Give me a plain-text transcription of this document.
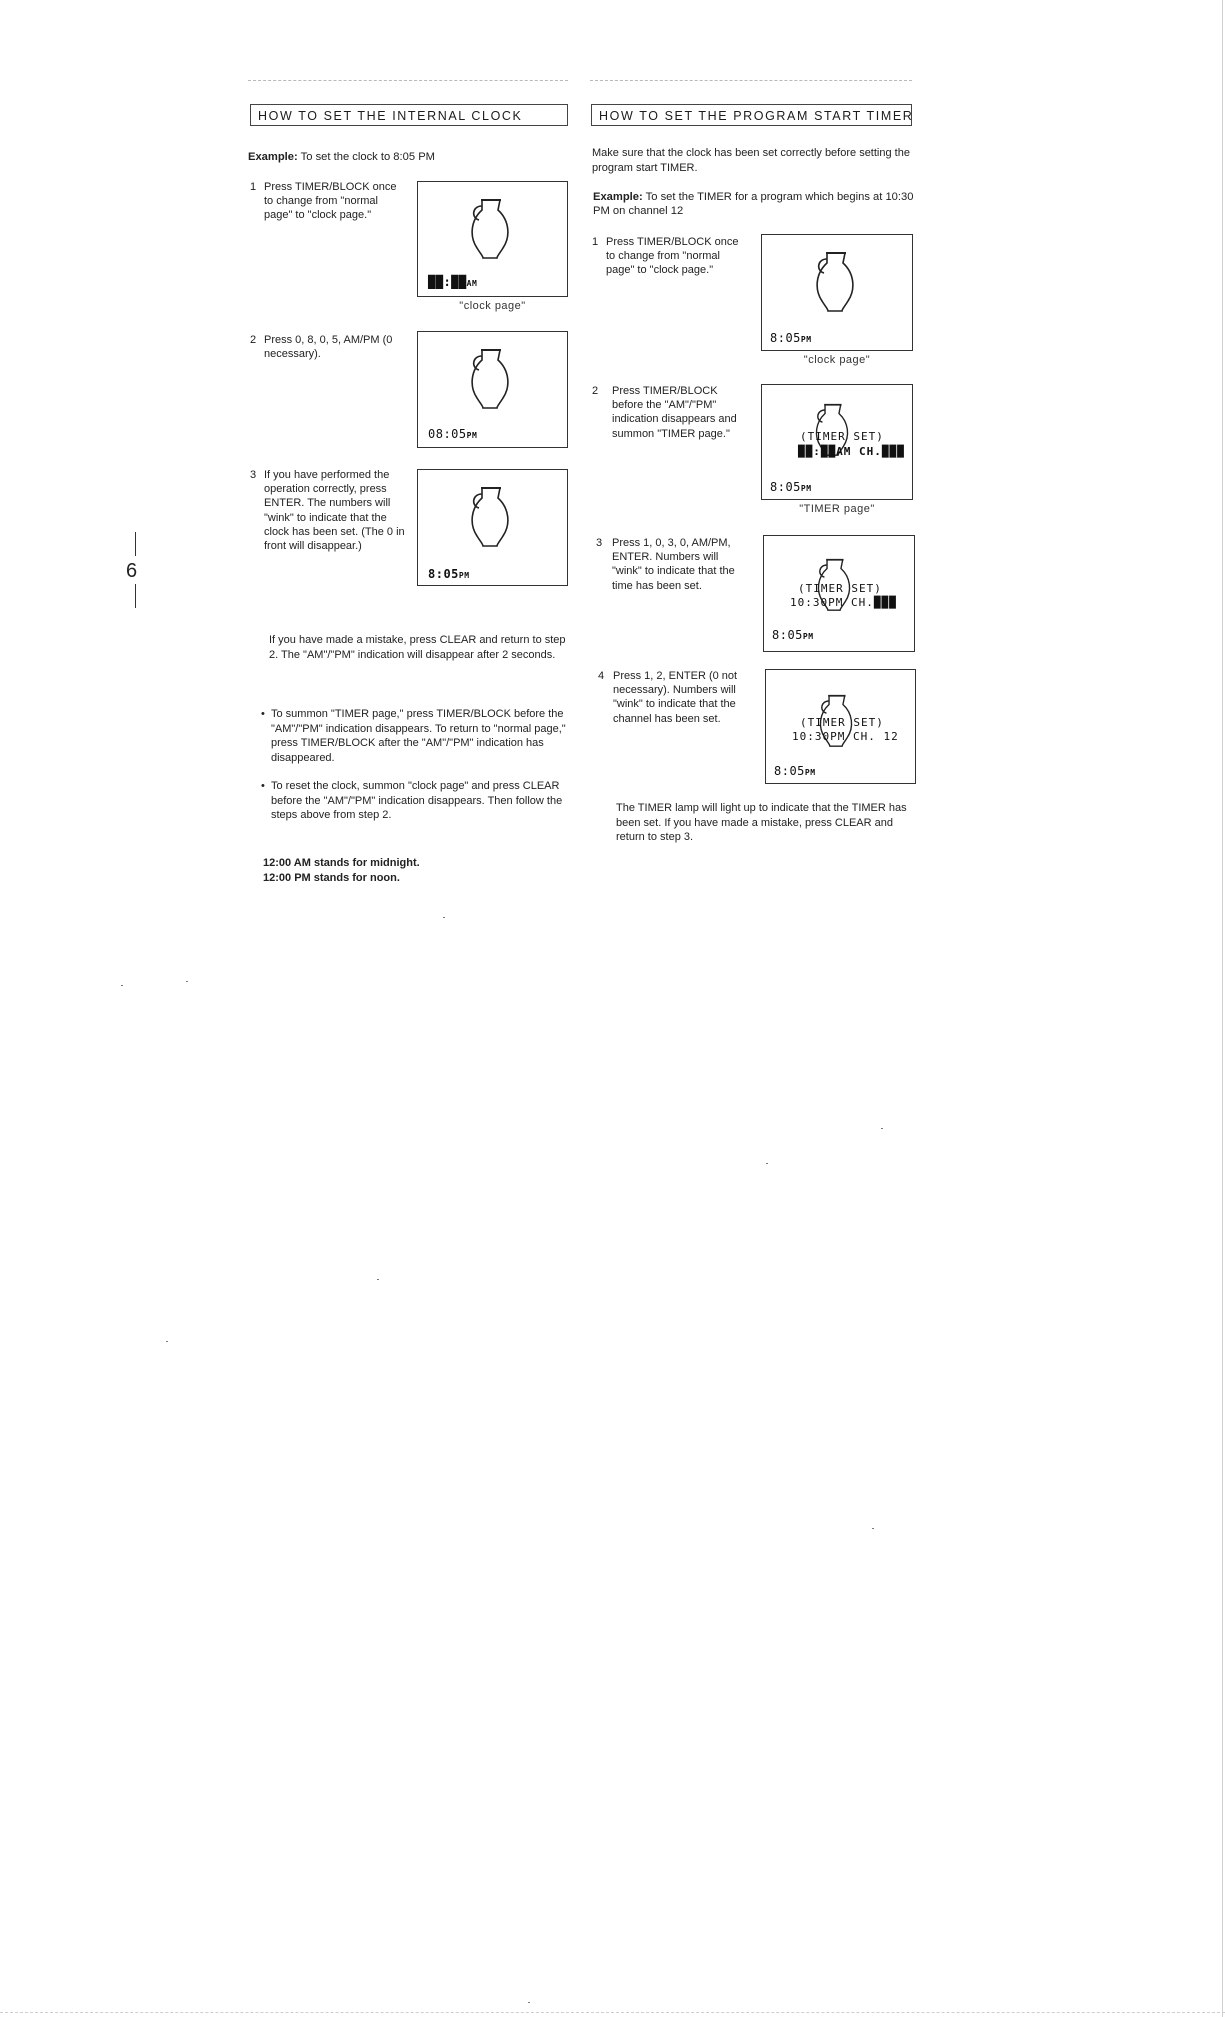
6
HOW TO SET THE INTERNAL CLOCK
Example: To set the clock to 8:05 PM
1 Press TIMER/BLOCK once to change from "normal page" to "clock page."
██:██AM
"clock page"
2 Press 0, 8, 0, 5, AM/PM (0 necessary).
08:05PM
3 If you have performed the operation correctly, press ENTER. The numbers will "wink" to indicate that the clock has been set. (The 0 in front will disappear.)
8:05PM
If you have made a mistake, press CLEAR and return to step 2. The "AM"/"PM" indication will disappear after 2 seconds.
• To summon "TIMER page," press TIMER/BLOCK before the "AM"/"PM" indication disappears. To return to "normal page," press TIMER/BLOCK after the "AM"/"PM" indication has disappeared.
• To reset the clock, summon "clock page" and press CLEAR before the "AM"/"PM" indication disappears. Then follow the steps above from step 2.
12:00 AM stands for midnight.
12:00 PM stands for noon.
HOW TO SET THE PROGRAM START TIMER
Make sure that the clock has been set correctly before setting the program start TIMER.
Example: To set the TIMER for a program which begins at 10:30 PM on channel 12
1 Press TIMER/BLOCK once to change from "normal page" to "clock page."
8:05PM
"clock page"
2 Press TIMER/BLOCK before the "AM"/"PM" indication disappears and summon "TIMER page."	(TIMER SET)
██:██AM CH.███
8:05PM
"TIMER page"
3 Press 1, 0, 3, 0, AM/PM, ENTER. Numbers will "wink" to indicate that the time has been set.	(TIMER SET)
10:30PM CH.███
8:05PM
4 Press 1, 2, ENTER (0 not necessary). Numbers will "wink" to indicate that the channel has been set.	(TIMER SET)
10:30PM CH. 12
8:05PM
The TIMER lamp will light up to indicate that the TIMER has been set. If you have made a mistake, press CLEAR and return to step 3.
